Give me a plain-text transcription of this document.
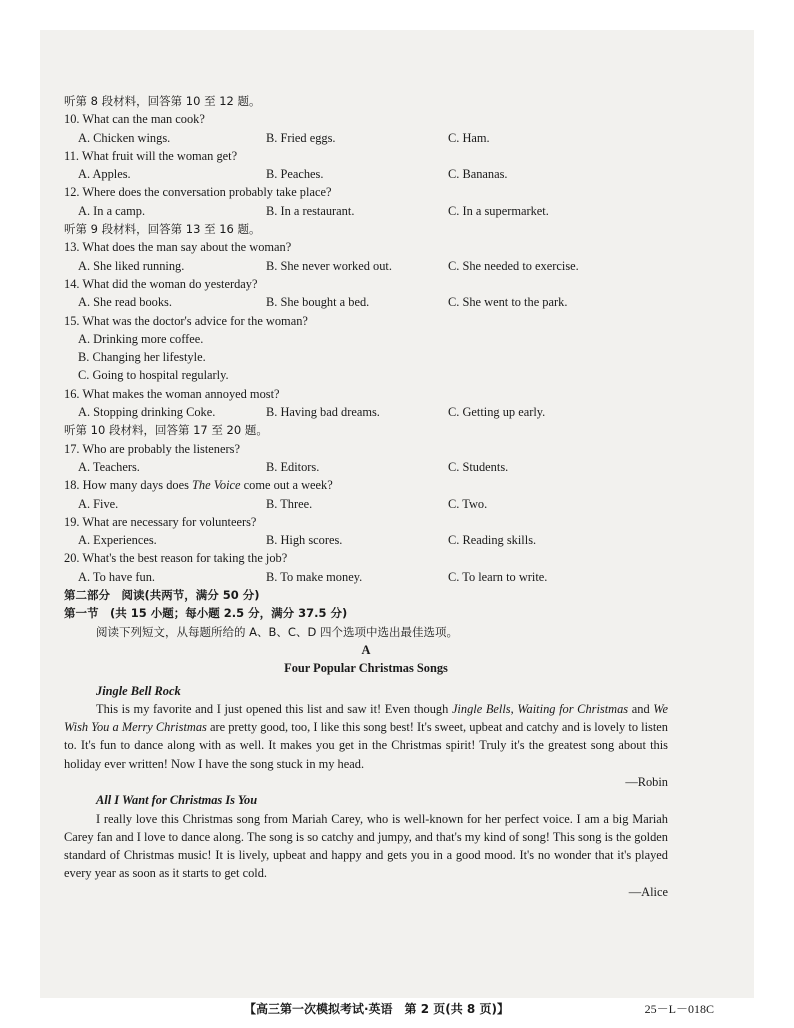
听第 8 段材料，回答第 10 至 12 题。
10. What can the man cook?
A. Chicken wings.	B. Fried eggs.	C. Ham.
11. What fruit will the woman get?
A. Apples.	B. Peaches.	C. Bananas.
12. Where does the conversation probably take place?
A. In a camp.	B. In a restaurant.	C. In a supermarket.
听第 9 段材料，回答第 13 至 16 题。
13. What does the man say about the woman?
A. She liked running.	B. She never worked out.	C. She needed to exercise.
14. What did the woman do yesterday?
A. She read books.	B. She bought a bed.	C. She went to the park.
15. What was the doctor's advice for the woman?
A. Drinking more coffee.
B. Changing her lifestyle.
C. Going to hospital regularly.
16. What makes the woman annoyed most?
A. Stopping drinking Coke.	B. Having bad dreams.	C. Getting up early.
听第 10 段材料，回答第 17 至 20 题。
17. Who are probably the listeners?
A. Teachers.	B. Editors.	C. Students.
18. How many days does The Voice come out a week?
A. Five.	B. Three.	C. Two.
19. What are necessary for volunteers?
A. Experiences.	B. High scores.	C. Reading skills.
20. What's the best reason for taking the job?
A. To have fun.	B. To make money.	C. To learn to write.
第二部分　阅读(共两节，满分 50 分)
第一节　(共 15 小题；每小题 2.5 分，满分 37.5 分)
阅读下列短文，从每题所给的 A、B、C、D 四个选项中选出最佳选项。
A
Four Popular Christmas Songs
Jingle Bell Rock
This is my favorite and I just opened this list and saw it! Even though Jingle Bells, Waiting for Christmas and We Wish You a Merry Christmas are pretty good, too, I like this song best! It's sweet, upbeat and catchy and is lovely to listen to. It's fun to dance along with as well. It makes you get in the Christmas spirit! Truly it's the greatest song about this holiday ever written! Now I have the song stuck in my head.
—Robin
All I Want for Christmas Is You
I really love this Christmas song from Mariah Carey, who is well-known for her perfect voice. I am a big Mariah Carey fan and I love to dance along. The song is so catchy and jumpy, and that's my kind of song! This song is the golden standard of Christmas music! It is lively, upbeat and happy and gets you in a good mood. It's no wonder that it's played every year as soon as it starts to get cold.
—Alice
【高三第一次模拟考试·英语　第 2 页(共 8 页)】	25－L－018C
